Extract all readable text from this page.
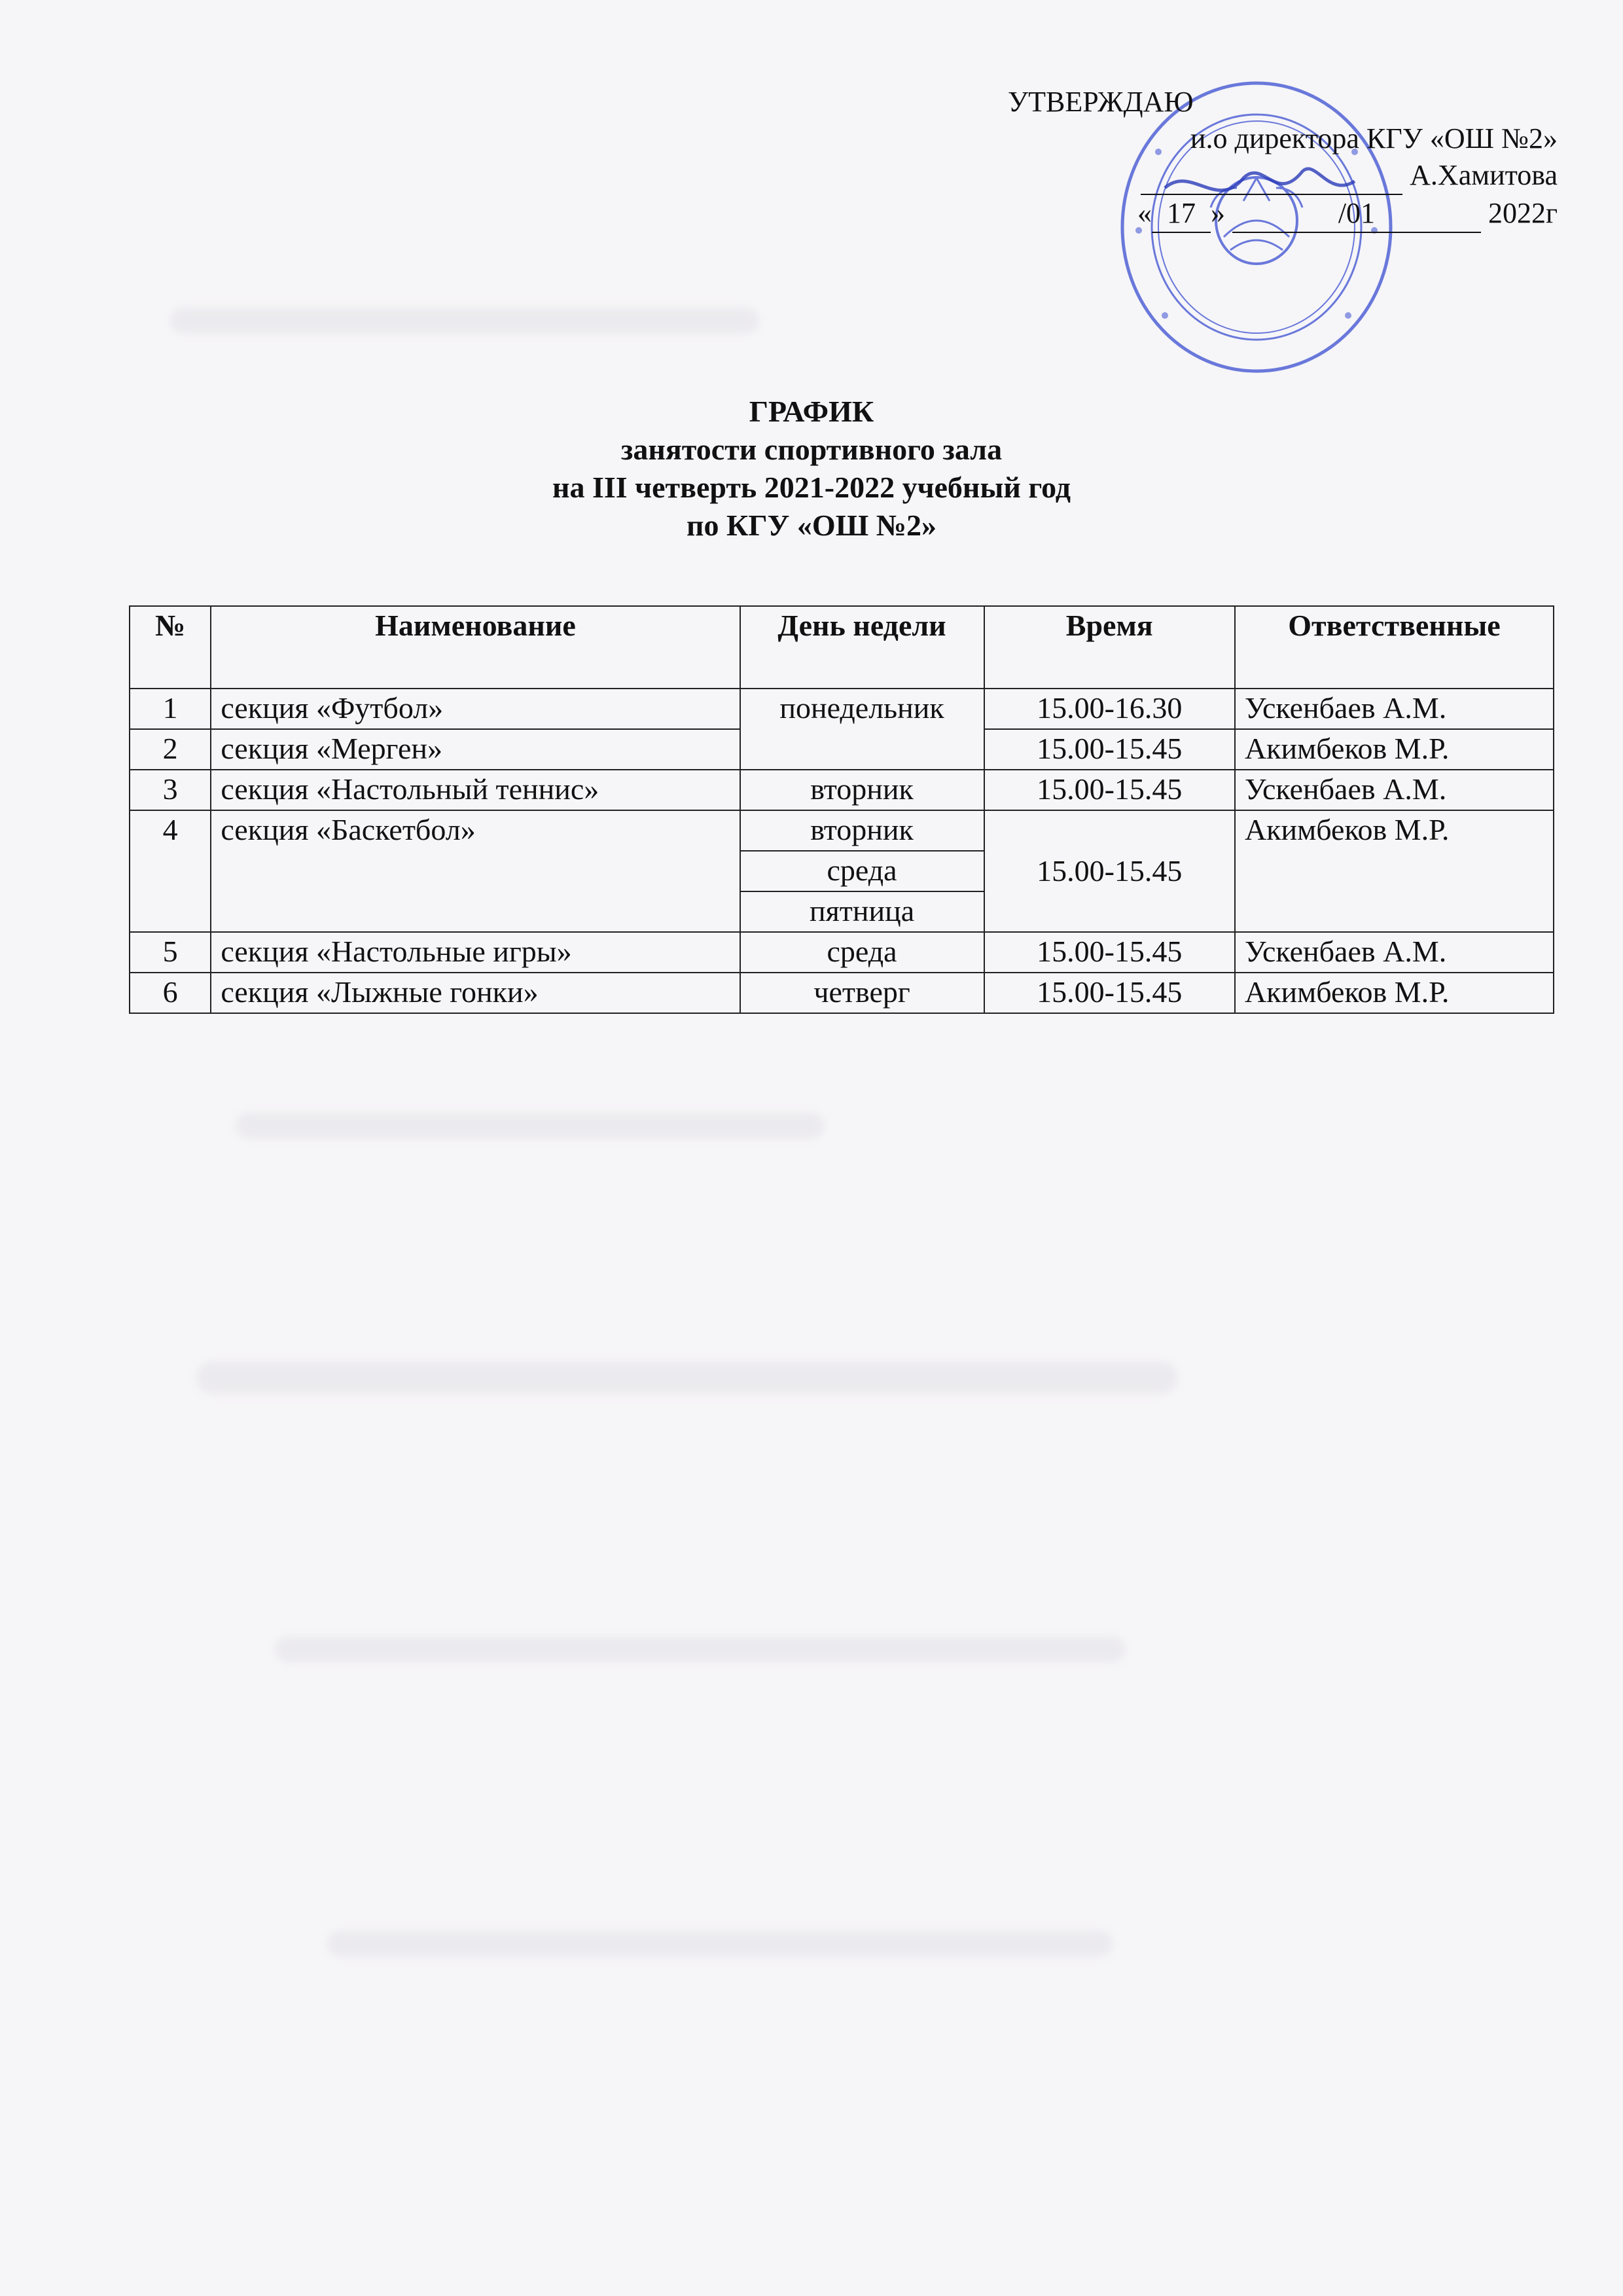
УТВЕРЖДАЮ
и.о директора КГУ «ОШ №2»
А.Хамитова
« 17 »	/01	2022г
ГРАФИК
занятости спортивного зала
на III четверть 2021-2022 учебный год
по КГУ «ОШ №2»
№	Наименование	День недели	Время	Ответственные
1	секция «Футбол»	понедельник	15.00-16.30	Ускенбаев А.М.
2	секция «Мерген»		15.00-15.45	Акимбеков М.Р.
3	секция «Настольный теннис»	вторник	15.00-15.45	Ускенбаев А.М.
4	секция «Баскетбол»	вторник	15.00-15.45	Акимбеков М.Р.
		среда		
		пятница		
5	секция «Настольные игры»	среда	15.00-15.45	Ускенбаев А.М.
6	секция «Лыжные гонки»	четверг	15.00-15.45	Акимбеков М.Р.
